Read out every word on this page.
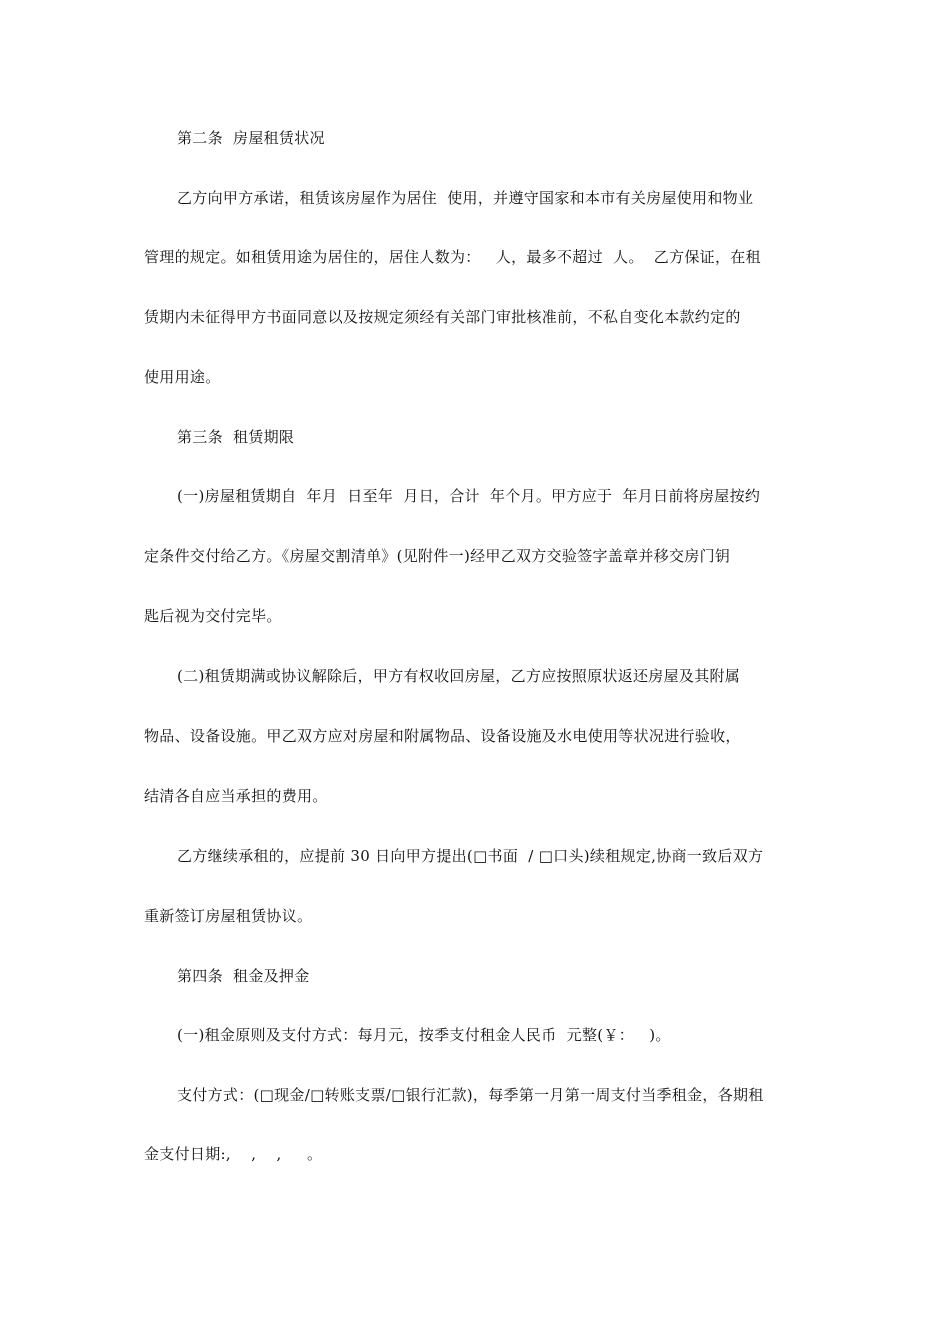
第二条  房屋租赁状况
乙方向甲方承诺，租赁该房屋作为居住  使用，并遵守国家和本市有关房屋使用和物业
管理的规定。如租赁用途为居住的，居住人数为：   人，最多不超过  人。  乙方保证，在租
赁期内未征得甲方书面同意以及按规定须经有关部门审批核准前，不私自变化本款约定的
使用用途。
第三条  租赁期限
(一)房屋租赁期自  年月  日至年  月日，合计  年个月。甲方应于  年月日前将房屋按约
定条件交付给乙方。《房屋交割清单》(见附件一)经甲乙双方交验签字盖章并移交房门钥
匙后视为交付完毕。
(二)租赁期满或协议解除后，甲方有权收回房屋，乙方应按照原状返还房屋及其附属
物品、设备设施。甲乙双方应对房屋和附属物品、设备设施及水电使用等状况进行验收，
结清各自应当承担的费用。
乙方继续承租的，应提前 30 日向甲方提出(□书面  / □口头)续租规定,协商一致后双方
重新签订房屋租赁协议。
第四条  租金及押金
(一)租金原则及支付方式：每月元，按季支付租金人民币  元整(￥：   )。
支付方式：(□现金/□转账支票/□银行汇款)，每季第一月第一周支付当季租金，各期租
金支付日期:,    ,    ,     。
